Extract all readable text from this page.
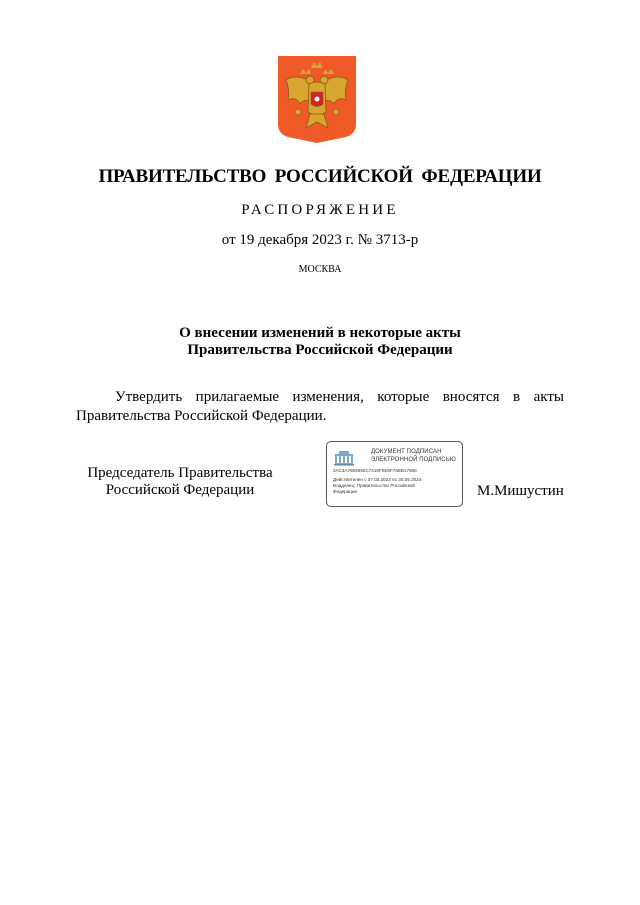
ПРАВИТЕЛЬСТВО РОССИЙСКОЙ ФЕДЕРАЦИИ
РАСПОРЯЖЕНИЕ
от 19 декабря 2023 г. № 3713-р
МОСКВА
О внесении изменений в некоторые акты
Правительства Российской Федерации
Утвердить прилагаемые изменения, которые вносятся в акты Правительства Российской Федерации.
Председатель Правительства
Российской Федерации
ДОКУМЕНТ ПОДПИСАН
ЭЛЕКТРОННОЙ ПОДПИСЬЮ
2AC3A7605050C7416F0E6F76EB1780E
Действителен с 07.03.2023 по 30.05.2024
Владелец: Правительство Российской
Федерации	М.Мишустин
